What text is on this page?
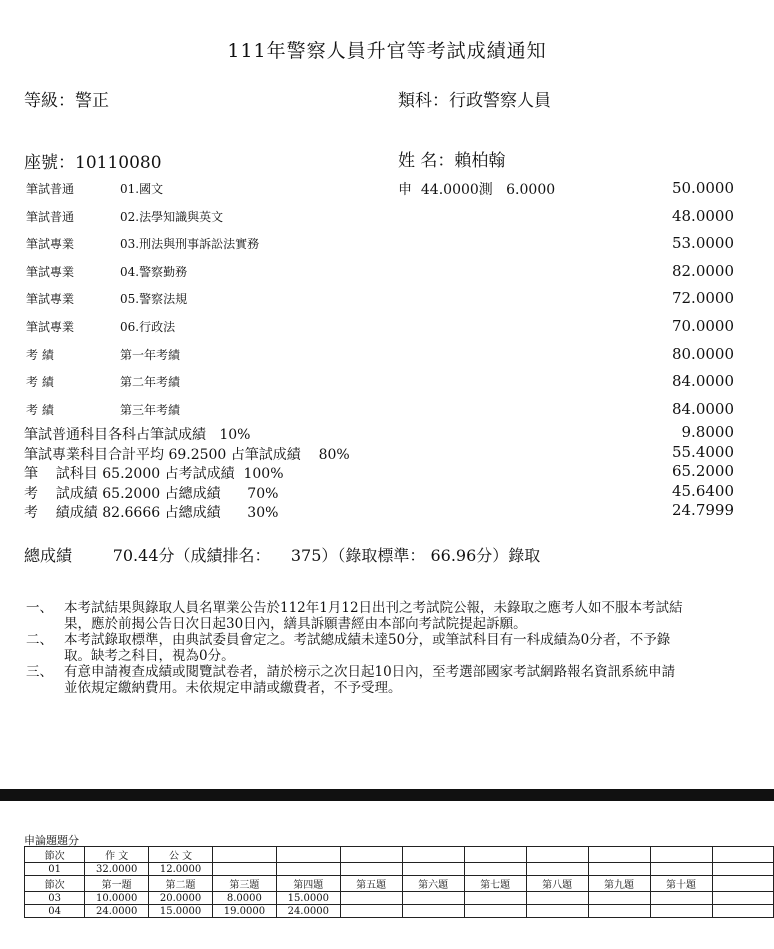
111年警察人員升官等考試成績通知
等級：警正	類科：行政警察人員
座號：10110080	姓 名：賴柏翰
筆試普通	01.國文	申  44.0000測   6.0000	50.0000
筆試普通	02.法學知識與英文	48.0000
筆試專業	03.刑法與刑事訴訟法實務	53.0000
筆試專業	04.警察勤務	82.0000
筆試專業	05.警察法規	72.0000
筆試專業	06.行政法	70.0000
考 績	第一年考績	80.0000
考 績	第二年考績	84.0000
考 績	第三年考績	84.0000
筆試普通科目各科占筆試成績   10%	9.8000
筆試專業科目合計平均 69.2500 占筆試成績    80%	55.4000
筆    試科目 65.2000 占考試成績  100%	65.2000
考    試成績 65.2000 占總成績      70%	45.6400
考    績成績 82.6666 占總成績      30%	24.7999
總成績        70.44分（成績排名：    375）（錄取標準： 66.96分）錄取
一、 本考試結果與錄取人員名單業公告於112年1月12日出刊之考試院公報，未錄取之應考人如不服本考試結果，應於前揭公告日次日起30日內，繕具訴願書經由本部向考試院提起訴願。
二、 本考試錄取標準，由典試委員會定之。考試總成績未達50分，或筆試科目有一科成績為0分者，不予錄取。缺考之科目，視為0分。
三、 有意申請複查成績或閱覽試卷者，請於榜示之次日起10日內，至考選部國家考試網路報名資訊系統申請並依規定繳納費用。未依規定申請或繳費者，不予受理。
申論題題分
節次	作 文	公 文									
01	32.0000	12.0000									
節次	第一題	第二題	第三題	第四題	第五題	第六題	第七題	第八題	第九題	第十題	
03	10.0000	20.0000	8.0000	15.0000							
04	24.0000	15.0000	19.0000	24.0000							
